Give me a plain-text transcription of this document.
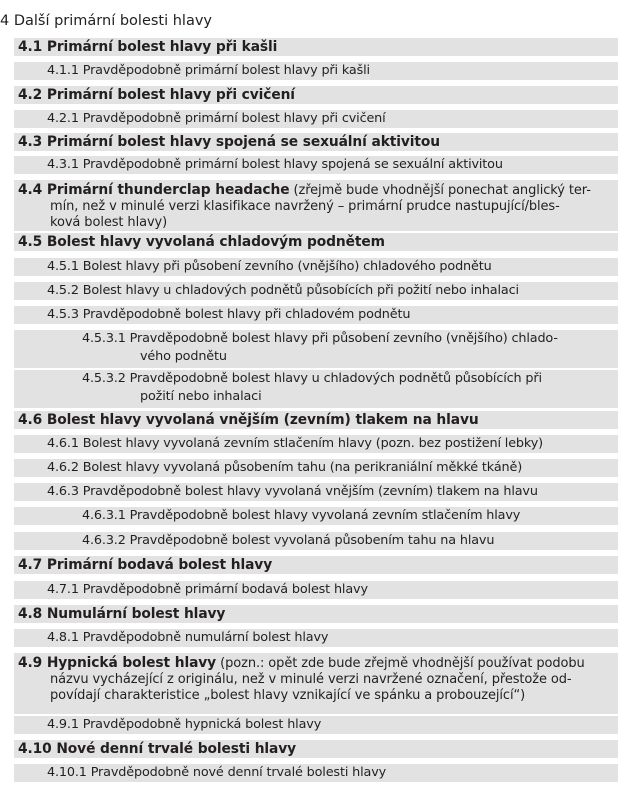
4 Další primární bolesti hlavy
4.1 Primární bolest hlavy při kašli
4.1.1 Pravděpodobně primární bolest hlavy při kašli
4.2 Primární bolest hlavy při cvičení
4.2.1 Pravděpodobně primární bolest hlavy při cvičení
4.3 Primární bolest hlavy spojená se sexuální aktivitou
4.3.1 Pravděpodobně primární bolest hlavy spojená se sexuální aktivitou
4.4 Primární thunderclap headache (zřejmě bude vhodnější ponechat anglický ter-
mín, než v minulé verzi klasifikace navržený – primární prudce nastupující/bles-
ková bolest hlavy)
4.5 Bolest hlavy vyvolaná chladovým podnětem
4.5.1 Bolest hlavy při působení zevního (vnějšího) chladového podnětu
4.5.2 Bolest hlavy u chladových podnětů působících při požití nebo inhalaci
4.5.3 Pravděpodobně bolest hlavy při chladovém podnětu
4.5.3.1 Pravděpodobně bolest hlavy při působení zevního (vnějšího) chlado-
vého podnětu
4.5.3.2 Pravděpodobně bolest hlavy u chladových podnětů působících při
požití nebo inhalaci
4.6 Bolest hlavy vyvolaná vnějším (zevním) tlakem na hlavu
4.6.1 Bolest hlavy vyvolaná zevním stlačením hlavy (pozn. bez postižení lebky)
4.6.2 Bolest hlavy vyvolaná působením tahu (na perikraniální měkké tkáně)
4.6.3 Pravděpodobně bolest hlavy vyvolaná vnějším (zevním) tlakem na hlavu
4.6.3.1 Pravděpodobně bolest hlavy vyvolaná zevním stlačením hlavy
4.6.3.2 Pravděpodobně bolest vyvolaná působením tahu na hlavu
4.7 Primární bodavá bolest hlavy
4.7.1 Pravděpodobně primární bodavá bolest hlavy
4.8 Numulární bolest hlavy
4.8.1 Pravděpodobně numulární bolest hlavy
4.9 Hypnická bolest hlavy (pozn.: opět zde bude zřejmě vhodnější používat podobu
názvu vycházející z originálu, než v minulé verzi navržené označení, přestože od-
povídají charakteristice „bolest hlavy vznikající ve spánku a probouzející“)
4.9.1 Pravděpodobně hypnická bolest hlavy
4.10 Nové denní trvalé bolesti hlavy
4.10.1 Pravděpodobně nové denní trvalé bolesti hlavy
